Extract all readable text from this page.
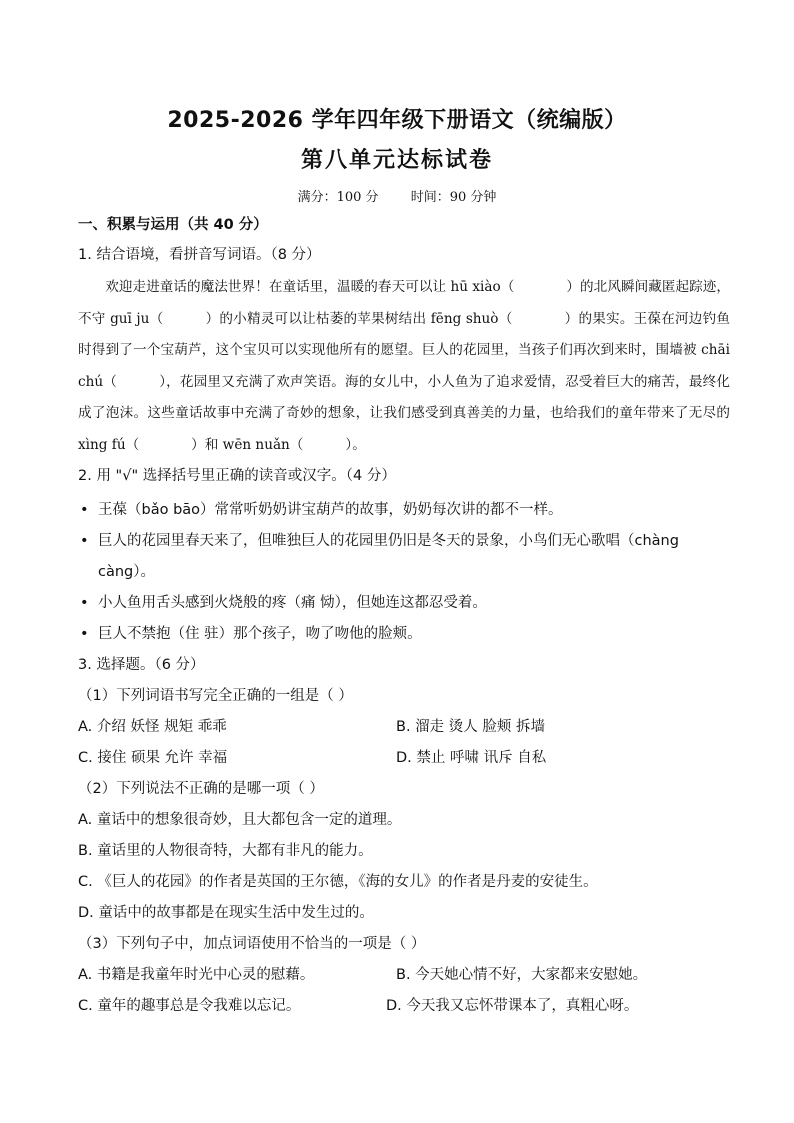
2025-2026 学年四年级下册语文（统编版）
第八单元达标试卷
满分：100 分 时间：90 分钟
一、积累与运用（共 40 分）
1. 结合语境，看拼音写词语。（8 分）
欢迎走进童话的魔法世界！在童话里，温暖的春天可以让 hū xiào（	）的北风瞬间藏匿起踪迹，不守 guī ju（	）的小精灵可以让枯萎的苹果树结出 fēng shuò（	）的果实。王葆在河边钓鱼时得到了一个宝葫芦，这个宝贝可以实现他所有的愿望。巨人的花园里，当孩子们再次到来时，围墙被 chāi chú（	），花园里又充满了欢声笑语。海的女儿中，小人鱼为了追求爱情，忍受着巨大的痛苦，最终化成了泡沫。这些童话故事中充满了奇妙的想象，让我们感受到真善美的力量，也给我们的童年带来了无尽的 xìng fú（	）和 wēn nuǎn（	）。
2. 用 "√" 选择括号里正确的读音或汉字。（4 分）
• 王葆（bǎo bāo）常常听奶奶讲宝葫芦的故事，奶奶每次讲的都不一样。
• 巨人的花园里春天来了，但唯独巨人的花园里仍旧是冬天的景象，小鸟们无心歌唱（chàng càng）。
• 小人鱼用舌头感到火烧般的疼（痛 恸），但她连这都忍受着。
• 巨人不禁抱（住 驻）那个孩子，吻了吻他的脸颊。
3. 选择题。（6 分）
（1）下列词语书写完全正确的一组是（ ）
A. 介绍 妖怪 规矩 乖乖	B. 溜走 烫人 脸颊 拆墙
C. 接住 硕果 允许 幸福	D. 禁止 呼啸 讯斥 自私
（2）下列说法不正确的是哪一项（ ）
A. 童话中的想象很奇妙，且大都包含一定的道理。
B. 童话里的人物很奇特，大都有非凡的能力。
C. 《巨人的花园》的作者是英国的王尔德，《海的女儿》的作者是丹麦的安徒生。
D. 童话中的故事都是在现实生活中发生过的。
（3）下列句子中，加点词语使用不恰当的一项是（ ）
A. 书籍是我童年时光中心灵的慰藉。	B. 今天她心情不好，大家都来安慰她。
C. 童年的趣事总是令我难以忘记。	D. 今天我又忘怀带课本了，真粗心呀。
